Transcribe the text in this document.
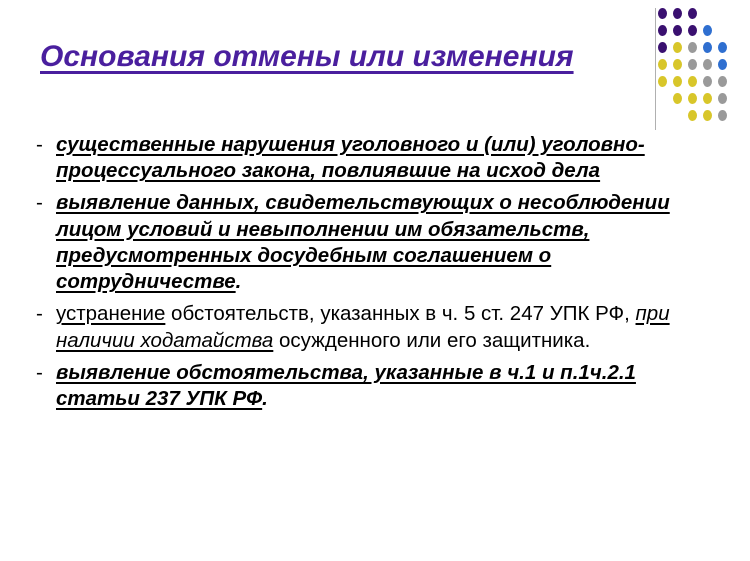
Основания отмены или изменения
- существенные нарушения уголовного и (или) уголовно-процессуального закона, повлиявшие на исход дела
- выявление данных, свидетельствующих о несоблюдении лицом условий и невыполнении им обязательств, предусмотренных досудебным соглашением о сотрудничестве.
- устранение обстоятельств, указанных в ч. 5 ст. 247 УПК РФ, при наличии ходатайства осужденного или его защитника.
- выявление обстоятельства, указанные в ч.1 и п.1ч.2.1 статьи 237 УПК РФ.
